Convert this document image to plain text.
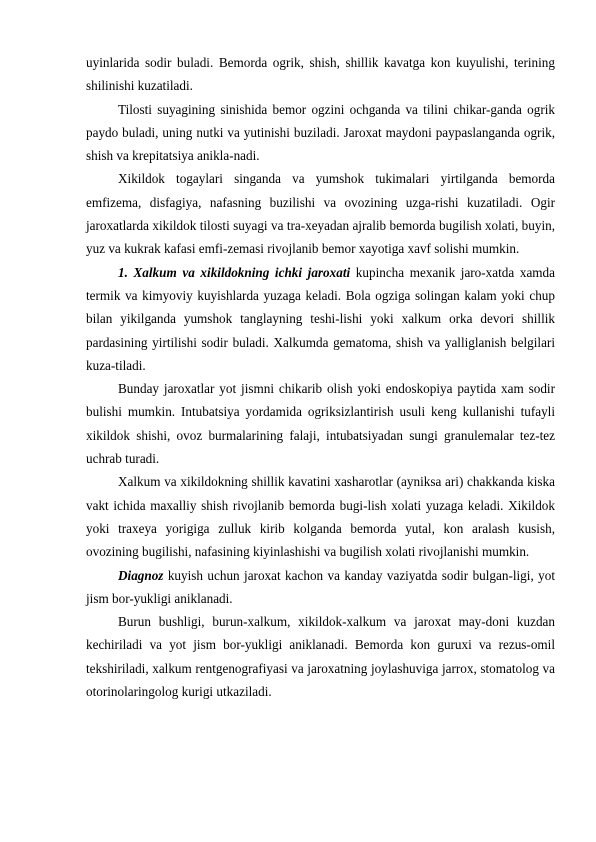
uyinlarida sodir buladi. Bemorda ogrik, shish, shillik kavatga kon kuyulishi, terining shilinishi kuzatiladi.

Tilosti suyagining sinishida bemor ogzini ochganda va tilini chikar-ganda ogrik paydo buladi, uning nutki va yutinishi buziladi. Jaroxat maydoni paypaslanganda ogrik, shish va krepitatsiya anikla-nadi.

Xikildok togaylari singanda va yumshok tukimalari yirtilganda bemorda emfizema, disfagiya, nafasning buzilishi va ovozining uzga-rishi kuzatiladi. Ogir jaroxatlarda xikildok tilosti suyagi va tra-xeyadan ajralib bemorda bugilish xolati, buyin, yuz va kukrak kafasi emfi-zemasi rivojlanib bemor xayotiga xavf solishi mumkin.

1. Xalkum va xikildokning ichki jaroxati kupincha mexanik jaro-xatda xamda termik va kimyoviy kuyishlarda yuzaga keladi. Bola ogziga solingan kalam yoki chup bilan yikilganda yumshok tanglayning teshi-lishi yoki xalkum orka devori shillik pardasining yirtilishi sodir buladi. Xalkumda gematoma, shish va yalliglanish belgilari kuza-tiladi.

Bunday jaroxatlar yot jismni chikarib olish yoki endoskopiya paytida xam sodir bulishi mumkin. Intubatsiya yordamida ogriksizlantirish usuli keng kullanishi tufayli xikildok shishi, ovoz burmalarining falaji, intubatsiyadan sungi granulemalar tez-tez uchrab turadi.

Xalkum va xikildokning shillik kavatini xasharotlar (ayniksa ari) chakkanda kiska vakt ichida maxalliy shish rivojlanib bemorda bugi-lish xolati yuzaga keladi. Xikildok yoki traxeya yorigiga zulluk kirib kolganda bemorda yutal, kon aralash kusish, ovozining bugilishi, nafasining kiyinlashishi va bugilish xolati rivojlanishi mumkin.

Diagnoz kuyish uchun jaroxat kachon va kanday vaziyatda sodir bulgan-ligi, yot jism bor-yukligi aniklanadi.

Burun bushligi, burun-xalkum, xikildok-xalkum va jaroxat may-doni kuzdan kechiriladi va yot jism bor-yukligi aniklanadi. Bemorda kon guruxi va rezus-omil tekshiriladi, xalkum rentgenografiyasi va jaroxatning joylashuviga jarrox, stomatolog va otorinolaringolog kurigi utkaziladi.
